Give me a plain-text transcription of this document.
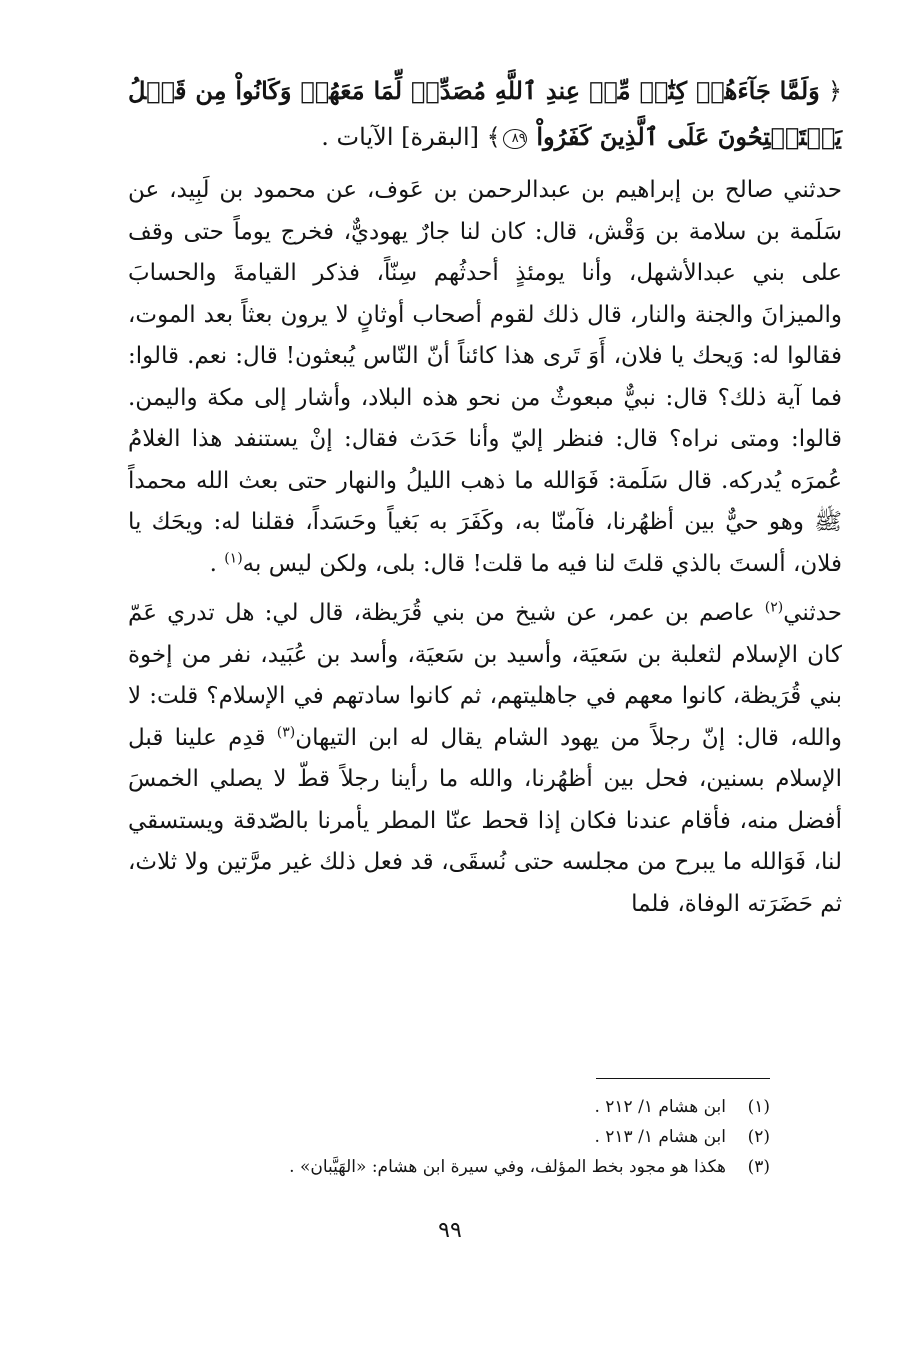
﴿ وَلَمَّا جَآءَهُمۡ كِتَٰبٞ مِّنۡ عِندِ ٱللَّهِ مُصَدِّقٞ لِّمَا مَعَهُمۡ وَكَانُواْ مِن قَبۡلُ يَسۡتَفۡتِحُونَ عَلَى ٱلَّذِينَ كَفَرُواْ ٨٩﴾ [البقرة] الآيات .

حدثني صالح بن إبراهيم بن عبدالرحمن بن عَوف، عن محمود بن لَبِيد، عن سَلَمة بن سلامة بن وَقْش، قال: كان لنا جارٌ يهوديٌّ، فخرج يوماً حتى وقف على بني عبدالأشهل، وأنا يومئذٍ أحدثُهم سِنّاً، فذكر القيامةَ والحسابَ والميزانَ والجنة والنار، قال ذلك لقوم أصحاب أوثانٍ لا يرون بعثاً بعد الموت، فقالوا له: وَيحك يا فلان، أَوَ تَرى هذا كائناً أنّ النّاس يُبعثون! قال: نعم. قالوا: فما آية ذلك؟ قال: نبيٌّ مبعوثٌ من نحو هذه البلاد، وأشار إلى مكة واليمن. قالوا: ومتى نراه؟ قال: فنظر إليّ وأنا حَدَث فقال: إنْ يستنفد هذا الغلامُ عُمرَه يُدركه. قال سَلَمة: فَوَالله ما ذهب الليلُ والنهار حتى بعث الله محمداً ﷺ وهو حيٌّ بين أظهُرنا، فآمنّا به، وكَفَرَ به بَغياً وحَسَداً، فقلنا له: ويحَك يا فلان، ألستَ بالذي قلتَ لنا فيه ما قلت! قال: بلى، ولكن ليس به$^{(١)}$ .

حدثني$^{(٢)}$ عاصم بن عمر، عن شيخ من بني قُرَيظة، قال لي: هل تدري عَمّ كان الإسلام لثعلبة بن سَعيَة، وأسيد بن سَعيَة، وأسد بن عُبَيد، نفر من إخوة بني قُرَيظة، كانوا معهم في جاهليتهم، ثم كانوا سادتهم في الإسلام؟ قلت: لا والله، قال: إنّ رجلاً من يهود الشام يقال له ابن التيهان$^{(٣)}$ قدِم علينا قبل الإسلام بسنين، فحل بين أظهُرنا، والله ما رأينا رجلاً قطّ لا يصلي الخمسَ أفضل منه، فأقام عندنا فكان إذا قحط عنّا المطر يأمرنا بالصّدقة ويستسقي لنا، فَوَالله ما يبرح من مجلسه حتى نُسقَى، قد فعل ذلك غير مرَّتين ولا ثلاث، ثم حَضَرَته الوفاة، فلما

(١)
ابن هشام ١/ ٢١٢ .
(٢)
ابن هشام ١/ ٢١٣ .
(٣)
هكذا هو مجود بخط المؤلف، وفي سيرة ابن هشام: «الهَيَّبان» .
٩٩
